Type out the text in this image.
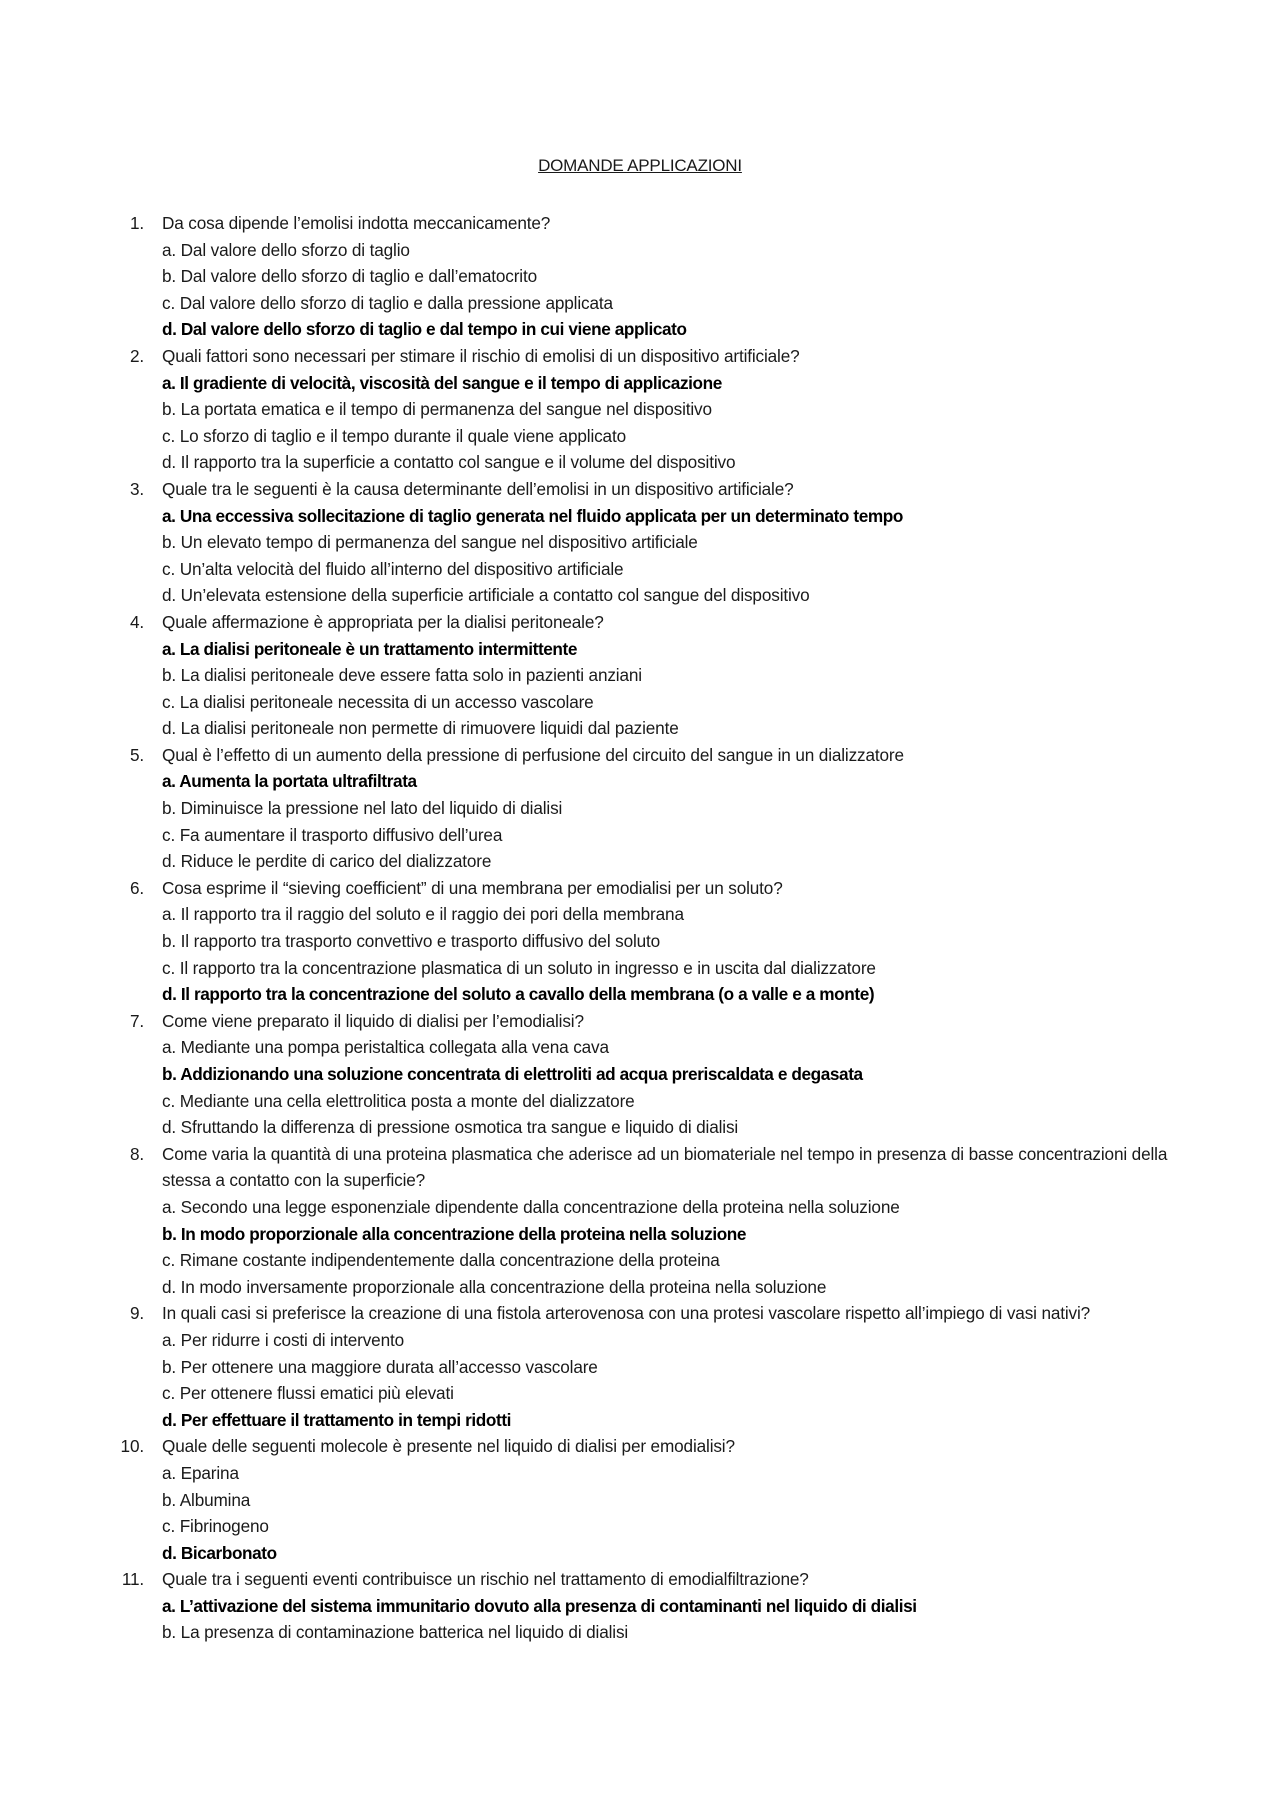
DOMANDE APPLICAZIONI
1. Da cosa dipende l’emolisi indotta meccanicamente?
a. Dal valore dello sforzo di taglio
b. Dal valore dello sforzo di taglio e dall’ematocrito
c. Dal valore dello sforzo di taglio e dalla pressione applicata
d. Dal valore dello sforzo di taglio e dal tempo in cui viene applicato
2. Quali fattori sono necessari per stimare il rischio di emolisi di un dispositivo artificiale?
a. Il gradiente di velocità, viscosità del sangue e il tempo di applicazione
b. La portata ematica e il tempo di permanenza del sangue nel dispositivo
c. Lo sforzo di taglio e il tempo durante il quale viene applicato
d. Il rapporto tra la superficie a contatto col sangue e il volume del dispositivo
3. Quale tra le seguenti è la causa determinante dell’emolisi in un dispositivo artificiale?
a. Una eccessiva sollecitazione di taglio generata nel fluido applicata per un determinato tempo
b. Un elevato tempo di permanenza del sangue nel dispositivo artificiale
c. Un’alta velocità del fluido all’interno del dispositivo artificiale
d. Un’elevata estensione della superficie artificiale a contatto col sangue del dispositivo
4. Quale affermazione è appropriata per la dialisi peritoneale?
a. La dialisi peritoneale è un trattamento intermittente
b. La dialisi peritoneale deve essere fatta solo in pazienti anziani
c. La dialisi peritoneale necessita di un accesso vascolare
d. La dialisi peritoneale non permette di rimuovere liquidi dal paziente
5. Qual è l’effetto di un aumento della pressione di perfusione del circuito del sangue in un dializzatore
a. Aumenta la portata ultrafiltrata
b. Diminuisce la pressione nel lato del liquido di dialisi
c. Fa aumentare il trasporto diffusivo dell’urea
d. Riduce le perdite di carico del dializzatore
6. Cosa esprime il “sieving coefficient” di una membrana per emodialisi per un soluto?
a. Il rapporto tra il raggio del soluto e il raggio dei pori della membrana
b. Il rapporto tra trasporto convettivo e trasporto diffusivo del soluto
c. Il rapporto tra la concentrazione plasmatica di un soluto in ingresso e in uscita dal dializzatore
d. Il rapporto tra la concentrazione del soluto a cavallo della membrana (o a valle e a monte)
7. Come viene preparato il liquido di dialisi per l’emodialisi?
a. Mediante una pompa peristaltica collegata alla vena cava
b. Addizionando una soluzione concentrata di elettroliti ad acqua preriscaldata e degasata
c. Mediante una cella elettrolitica posta a monte del dializzatore
d. Sfruttando la differenza di pressione osmotica tra sangue e liquido di dialisi
8. Come varia la quantità di una proteina plasmatica che aderisce ad un biomateriale nel tempo in presenza di basse concentrazioni della stessa a contatto con la superficie?
a. Secondo una legge esponenziale dipendente dalla concentrazione della proteina nella soluzione
b. In modo proporzionale alla concentrazione della proteina nella soluzione
c. Rimane costante indipendentemente dalla concentrazione della proteina
d. In modo inversamente proporzionale alla concentrazione della proteina nella soluzione
9. In quali casi si preferisce la creazione di una fistola arterovenosa con una protesi vascolare rispetto all’impiego di vasi nativi?
a. Per ridurre i costi di intervento
b. Per ottenere una maggiore durata all’accesso vascolare
c. Per ottenere flussi ematici più elevati
d. Per effettuare il trattamento in tempi ridotti
10. Quale delle seguenti molecole è presente nel liquido di dialisi per emodialisi?
a. Eparina
b. Albumina
c. Fibrinogeno
d. Bicarbonato
11. Quale tra i seguenti eventi contribuisce un rischio nel trattamento di emodialfiltrazione?
a. L’attivazione del sistema immunitario dovuto alla presenza di contaminanti nel liquido di dialisi
b. La presenza di contaminazione batterica nel liquido di dialisi
